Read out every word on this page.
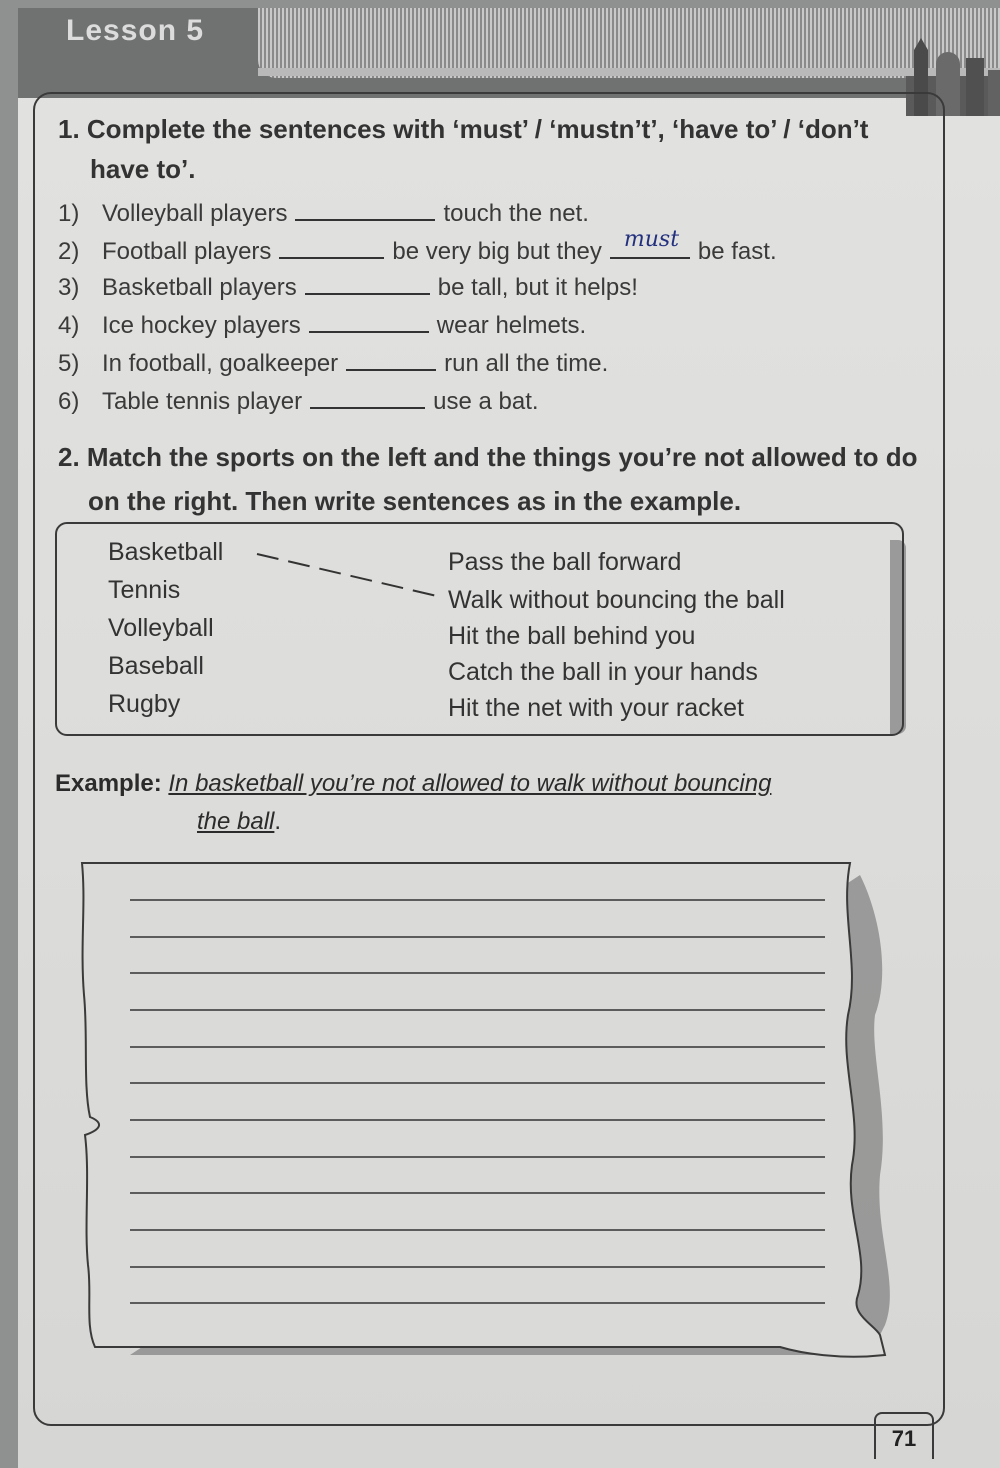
Lesson 5
1. Complete the sentences with ‘must’ / ‘mustn’t’, ‘have to’ / ‘don’t
have to’.
1) Volleyball players	touch the net.
2) Football players	be very big but they must be fast.
3) Basketball players	be tall, but it helps!
4) Ice hockey players	wear helmets.
5) In football, goalkeeper	run all the time.
6) Table tennis player	use a bat.
2. Match the sports on the left and the things you’re not allowed to do
on the right. Then write sentences as in the example.
Basketball
Tennis
Volleyball
Baseball
Rugby
Pass the ball forward
Walk without bouncing the ball
Hit the ball behind you
Catch the ball in your hands
Hit the net with your racket
Example: In basketball you’re not allowed to walk without bouncing
the ball.
71
